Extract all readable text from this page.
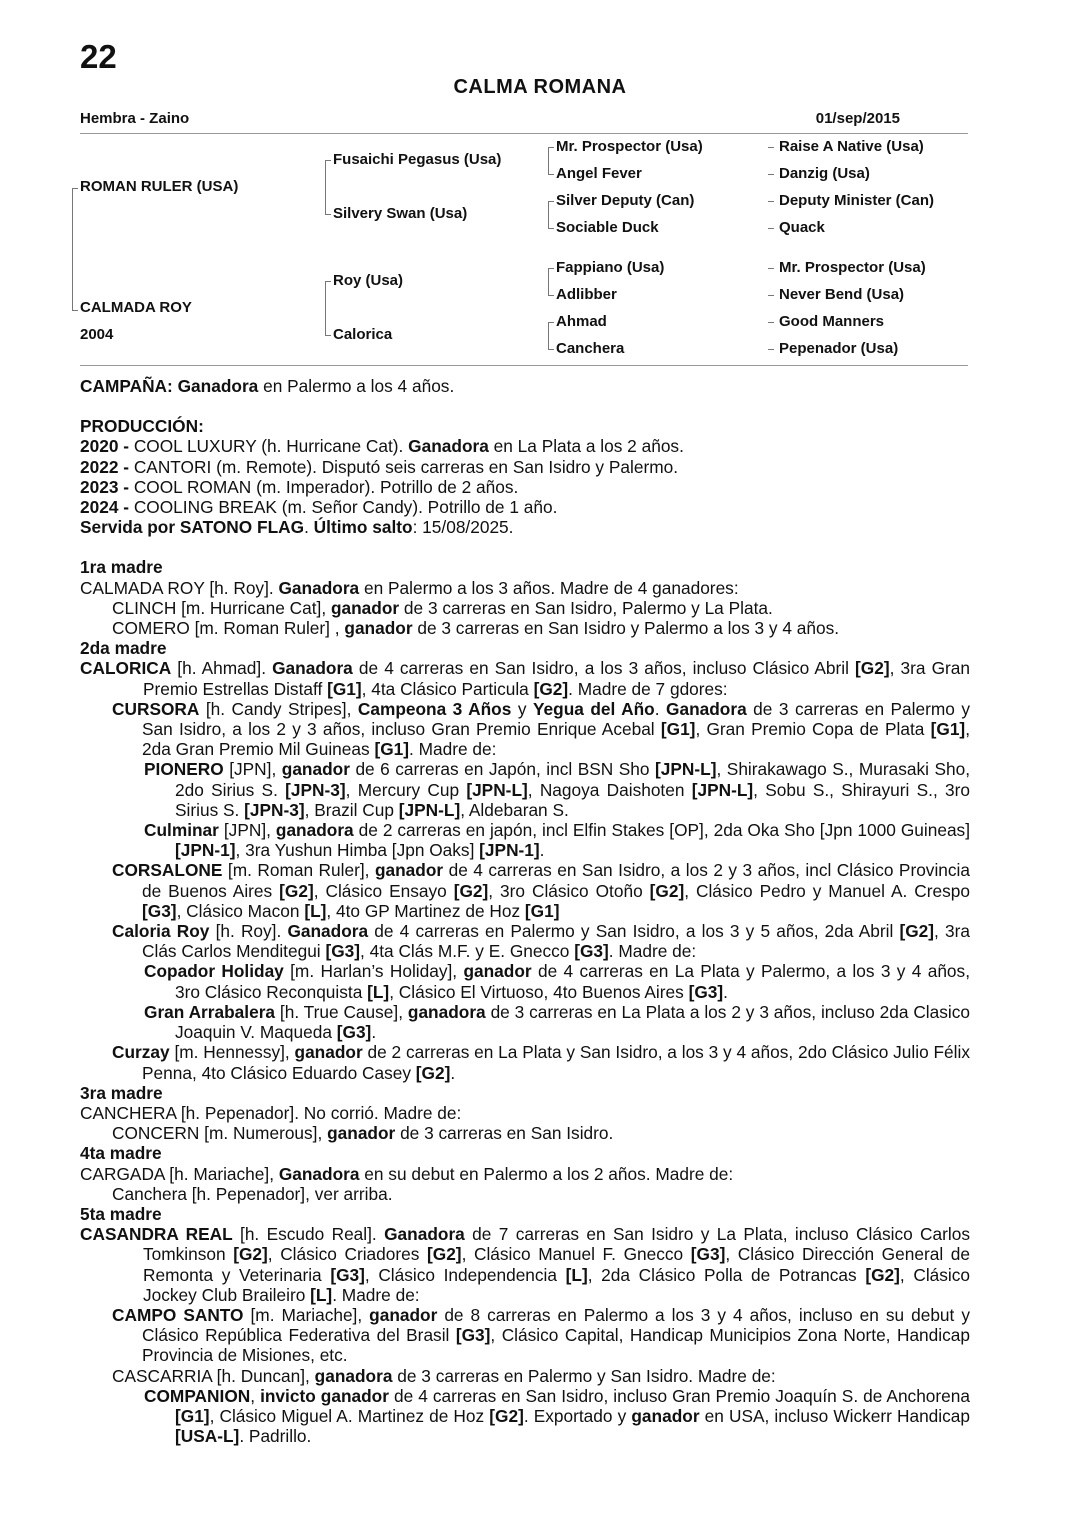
22
CALMA ROMANA
Hembra - Zaino	01/sep/2015
ROMAN RULER (USA)
CALMADA ROY
2004
Fusaichi Pegasus (Usa)
Silvery Swan (Usa)
Roy (Usa)
Calorica
Mr. Prospector (Usa)
Angel Fever
Silver Deputy (Can)
Sociable Duck
Fappiano (Usa)
Adlibber
Ahmad
Canchera
Raise A Native (Usa)
Danzig (Usa)
Deputy Minister (Can)
Quack
Mr. Prospector (Usa)
Never Bend (Usa)
Good Manners
Pepenador (Usa)

CAMPAÑA: Ganadora en Palermo a los 4 años.

PRODUCCIÓN:

2020 - COOL LUXURY (h. Hurricane Cat). Ganadora en La Plata a los 2 años.

2022 - CANTORI (m. Remote). Disputó seis carreras en San Isidro y Palermo.

2023 - COOL ROMAN (m. Imperador). Potrillo de 2 años.

2024 - COOLING BREAK (m. Señor Candy). Potrillo de 1 año.

Servida por SATONO FLAG. Último salto: 15/08/2025.

1ra madre

CALMADA ROY [h. Roy]. Ganadora en Palermo a los 3 años. Madre de 4 ganadores:

CLINCH [m. Hurricane Cat], ganador de 3 carreras en San Isidro, Palermo y La Plata.

COMERO [m. Roman Ruler] , ganador de 3 carreras en San Isidro y Palermo a los 3 y 4 años.

2da madre

CALORICA [h. Ahmad]. Ganadora de 4 carreras en San Isidro, a los 3 años, incluso Clásico Abril [G2], 3ra Gran Premio Estrellas Distaff [G1], 4ta Clásico Particula [G2]. Madre de 7 gdores:

CURSORA [h. Candy Stripes], Campeona 3 Años y Yegua del Año. Ganadora de 3 carreras en Palermo y San Isidro, a los 2 y 3 años, incluso Gran Premio Enrique Acebal [G1], Gran Premio Copa de Plata [G1], 2da Gran Premio Mil Guineas [G1]. Madre de:

PIONERO [JPN], ganador de 6 carreras en Japón, incl BSN Sho [JPN-L], Shirakawago S., Murasaki Sho, 2do Sirius S. [JPN-3], Mercury Cup [JPN-L], Nagoya Daishoten [JPN-L], Sobu S., Shirayuri S., 3ro Sirius S. [JPN-3], Brazil Cup [JPN-L], Aldebaran S.

Culminar [JPN], ganadora de 2 carreras en japón, incl Elfin Stakes [OP], 2da Oka Sho [Jpn 1000 Guineas] [JPN-1], 3ra Yushun Himba [Jpn Oaks] [JPN-1].

CORSALONE [m. Roman Ruler], ganador de 4 carreras en San Isidro, a los 2 y 3 años, incl Clásico Provincia de Buenos Aires [G2], Clásico Ensayo [G2], 3ro Clásico Otoño [G2], Clásico Pedro y Manuel A. Crespo [G3], Clásico Macon [L], 4to GP Martinez de Hoz [G1]

Caloria Roy [h. Roy]. Ganadora de 4 carreras en Palermo y San Isidro, a los 3 y 5 años, 2da Abril [G2], 3ra Clás Carlos Menditegui [G3], 4ta Clás M.F. y E. Gnecco [G3]. Madre de:

Copador Holiday [m. Harlan’s Holiday], ganador de 4 carreras en La Plata y Palermo, a los 3 y 4 años, 3ro Clásico Reconquista [L], Clásico El Virtuoso, 4to Buenos Aires [G3].

Gran Arrabalera [h. True Cause], ganadora de 3 carreras en La Plata a los 2 y 3 años, incluso 2da Clasico Joaquin V. Maqueda [G3].

Curzay [m. Hennessy], ganador de 2 carreras en La Plata y San Isidro, a los 3 y 4 años, 2do Clásico Julio Félix Penna, 4to Clásico Eduardo Casey [G2].

3ra madre

CANCHERA [h. Pepenador]. No corrió. Madre de:

CONCERN [m. Numerous], ganador de 3 carreras en San Isidro.

4ta madre

CARGADA [h. Mariache], Ganadora en su debut en Palermo a los 2 años. Madre de:

Canchera [h. Pepenador], ver arriba.

5ta madre

CASANDRA REAL [h. Escudo Real]. Ganadora de 7 carreras en San Isidro y La Plata, incluso Clásico Carlos Tomkinson [G2], Clásico Criadores [G2], Clásico Manuel F. Gnecco [G3], Clásico Dirección General de Remonta y Veterinaria [G3], Clásico Independencia [L], 2da Clásico Polla de Potrancas [G2], Clásico Jockey Club Braileiro [L]. Madre de:

CAMPO SANTO [m. Mariache], ganador de 8 carreras en Palermo a los 3 y 4 años, incluso en su debut y Clásico República Federativa del Brasil [G3], Clásico Capital, Handicap Municipios Zona Norte, Handicap Provincia de Misiones, etc.

CASCARRIA [h. Duncan], ganadora de 3 carreras en Palermo y San Isidro. Madre de:

COMPANION, invicto ganador de 4 carreras en San Isidro, incluso Gran Premio Joaquín S. de Anchorena [G1], Clásico Miguel A. Martinez de Hoz [G2]. Exportado y ganador en USA, incluso Wickerr Handicap [USA-L]. Padrillo.
